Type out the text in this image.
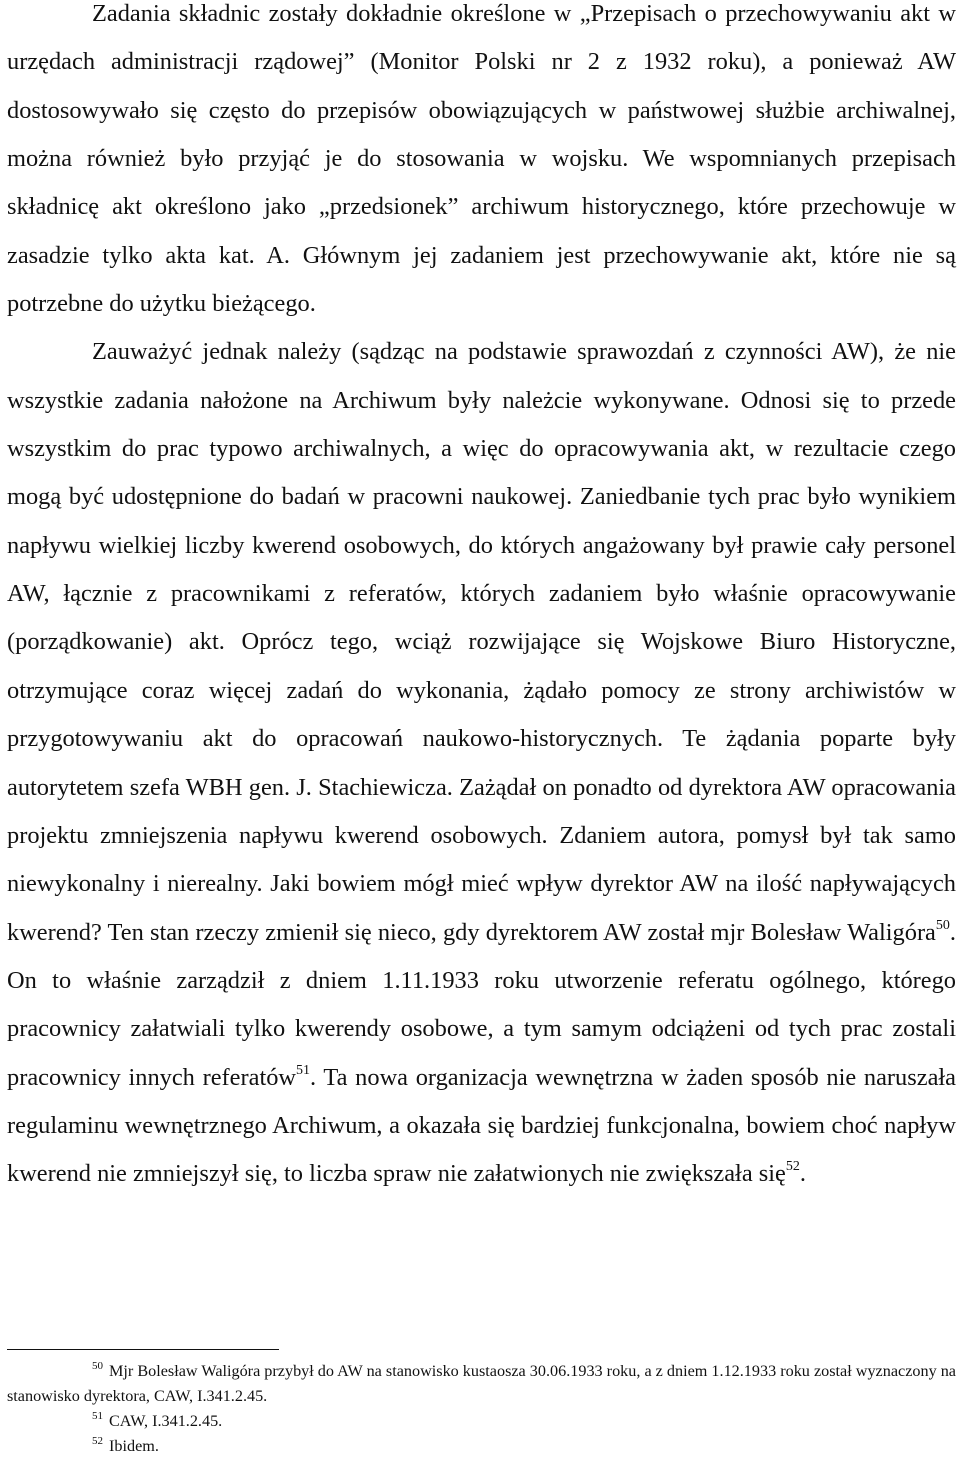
Zadania składnic zostały dokładnie określone w „Przepisach o przechowywaniu akt w urzędach administracji rządowej” (Monitor Polski nr 2 z 1932 roku), a ponieważ AW dostosowywało się często do przepisów obowiązujących w państwowej służbie archiwalnej, można również było przyjąć je do stosowania w wojsku. We wspomnianych przepisach składnicę akt określono jako „przedsionek” archiwum historycznego, które przechowuje w zasadzie tylko akta kat. A. Głównym jej zadaniem jest przechowywanie akt, które nie są potrzebne do użytku bieżącego.

Zauważyć jednak należy (sądząc na podstawie sprawozdań z czynności AW), że nie wszystkie zadania nałożone na Archiwum były należcie wykonywane. Odnosi się to przede wszystkim do prac typowo archiwalnych, a więc do opracowywania akt, w rezultacie czego mogą być udostępnione do badań w pracowni naukowej. Zaniedbanie tych prac było wynikiem napływu wielkiej liczby kwerend osobowych, do których angażowany był prawie cały personel AW, łącznie z pracownikami z referatów, których zadaniem było właśnie opracowywanie (porządkowanie) akt. Oprócz tego, wciąż rozwijające się Wojskowe Biuro Historyczne, otrzymujące coraz więcej zadań do wykonania, żądało pomocy ze strony archiwistów w przygotowywaniu akt do opracowań naukowo-historycznych. Te żądania poparte były autorytetem szefa WBH gen. J. Stachiewicza. Zażądał on ponadto od dyrektora AW opracowania projektu zmniejszenia napływu kwerend osobowych. Zdaniem autora, pomysł był tak samo niewykonalny i nierealny. Jaki bowiem mógł mieć wpływ dyrektor AW na ilość napływających kwerend? Ten stan rzeczy zmienił się nieco, gdy dyrektorem AW został mjr Bolesław Waligóra$^{50}$. On to właśnie zarządził z dniem 1.11.1933 roku utworzenie referatu ogólnego, którego pracownicy załatwiali tylko kwerendy osobowe, a tym samym odciążeni od tych prac zostali pracownicy innych referatów$^{51}$. Ta nowa organizacja wewnętrzna w żaden sposób nie naruszała regulaminu wewnętrznego Archiwum, a okazała się bardziej funkcjonalna, bowiem choć napływ kwerend nie zmniejszył się, to liczba spraw nie załatwionych nie zwiększała się$^{52}$.

$^{50}$ Mjr Bolesław Waligóra przybył do AW na stanowisko kustaosza 30.06.1933 roku, a z dniem 1.12.1933 roku został wyznaczony na stanowisko dyrektora, CAW, I.341.2.45.

$^{51}$ CAW, I.341.2.45.

$^{52}$ Ibidem.
